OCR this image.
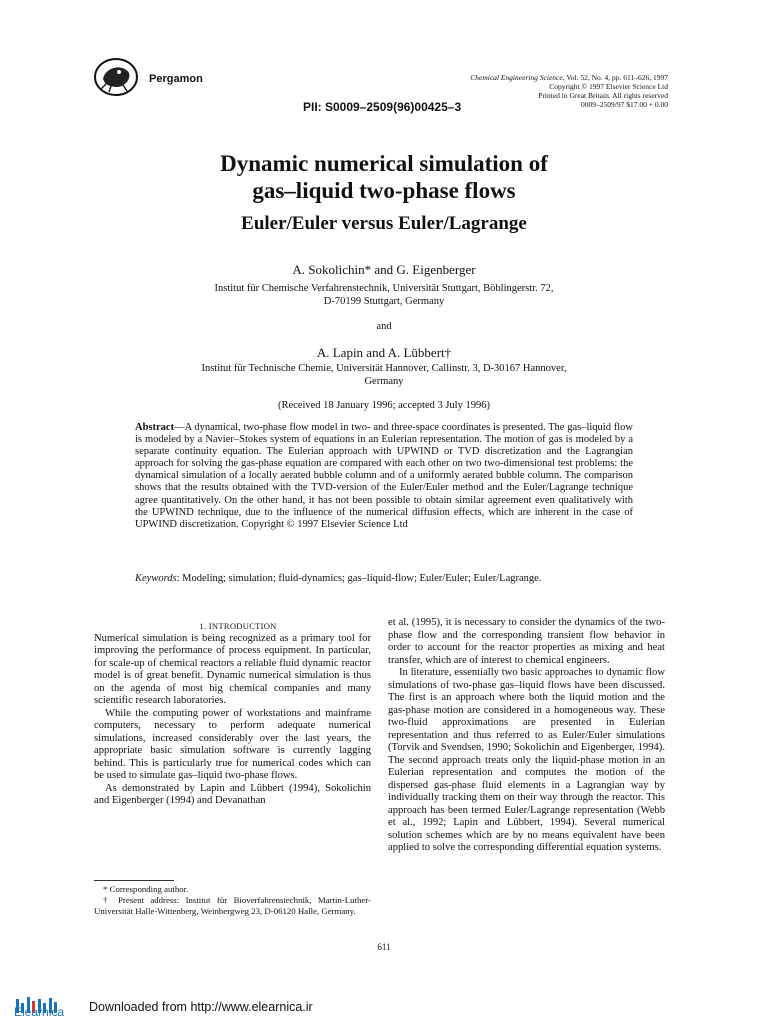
Pergamon
PII: S0009–2509(96)00425–3
Chemical Engineering Science, Vol. 52, No. 4, pp. 611–626, 1997
Copyright © 1997 Elsevier Science Ltd
Printed in Great Britain. All rights reserved
0009–2509/97 $17.00 + 0.00
Dynamic numerical simulation of
gas–liquid two-phase flows
Euler/Euler versus Euler/Lagrange
A. Sokolichin* and G. Eigenberger
Institut für Chemische Verfahrenstechnik, Universität Stuttgart, Böblingerstr. 72,
D-70199 Stuttgart, Germany
and
A. Lapin and A. Lübbert†
Institut für Technische Chemie, Universität Hannover, Callinstr. 3, D-30167 Hannover,
Germany
(Received 18 January 1996; accepted 3 July 1996)
Abstract—A dynamical, two-phase flow model in two- and three-space coordinates is presented. The gas–liquid flow is modeled by a Navier–Stokes system of equations in an Eulerian representation. The motion of gas is modeled by a separate continuity equation. The Eulerian approach with UPWIND or TVD discretization and the Lagrangian approach for solving the gas-phase equation are compared with each other on two two-dimensional test problems: the dynamical simulation of a locally aerated bubble column and of a uniformly aerated bubble column. The comparison shows that the results obtained with the TVD-version of the Euler/Euler method and the Euler/Lagrange technique agree quantitatively. On the other hand, it has not been possible to obtain similar agreement even qualitatively with the UPWIND technique, due to the influence of the numerical diffusion effects, which are inherent in the case of UPWIND discretization. Copyright © 1997 Elsevier Science Ltd
Keywords: Modeling; simulation; fluid-dynamics; gas–liquid-flow; Euler/Euler; Euler/Lagrange.

1. INTRODUCTION

Numerical simulation is being recognized as a primary tool for improving the performance of process equipment. In particular, for scale-up of chemical reactors a reliable fluid dynamic reactor model is of great benefit. Dynamic numerical simulation is thus on the agenda of most big chemical companies and many scientific research laboratories.

While the computing power of workstations and mainframe computers, necessary to perform adequate numerical simulations, increased considerably over the last years, the appropriate basic simulation software is currently lagging behind. This is particularly true for numerical codes which can be used to simulate gas–liquid two-phase flows.

As demonstrated by Lapin and Lübbert (1994), Sokolichin and Eigenberger (1994) and Devanathan

et al. (1995), it is necessary to consider the dynamics of the two-phase flow and the corresponding transient flow behavior in order to account for the reactor properties as mixing and heat transfer, which are of interest to chemical engineers.

In literature, essentially two basic approaches to dynamic flow simulations of two-phase gas–liquid flows have been discussed. The first is an approach where both the liquid motion and the gas-phase motion are considered in a homogeneous way. These two-fluid approximations are presented in Eulerian representation and thus referred to as Euler/Euler simulations (Torvik and Svendsen, 1990; Sokolichin and Eigenberger, 1994). The second approach treats only the liquid-phase motion in an Eulerian representation and computes the motion of the dispersed gas-phase fluid elements in a Lagrangian way by individually tracking them on their way through the reactor. This approach has been termed Euler/Lagrange representation (Webb et al., 1992; Lapin and Lübbert, 1994). Several numerical solution schemes which are by no means equivalent have been applied to solve the corresponding differential equation systems.

* Corresponding author.

† Present address: Institut für Bioverfahrenstechnik, Martin-Luther-Universität Halle-Wittenberg, Weinbergweg 23, D-06120 Halle, Germany.

611
Elearnica Downloaded from http://www.elearnica.ir
